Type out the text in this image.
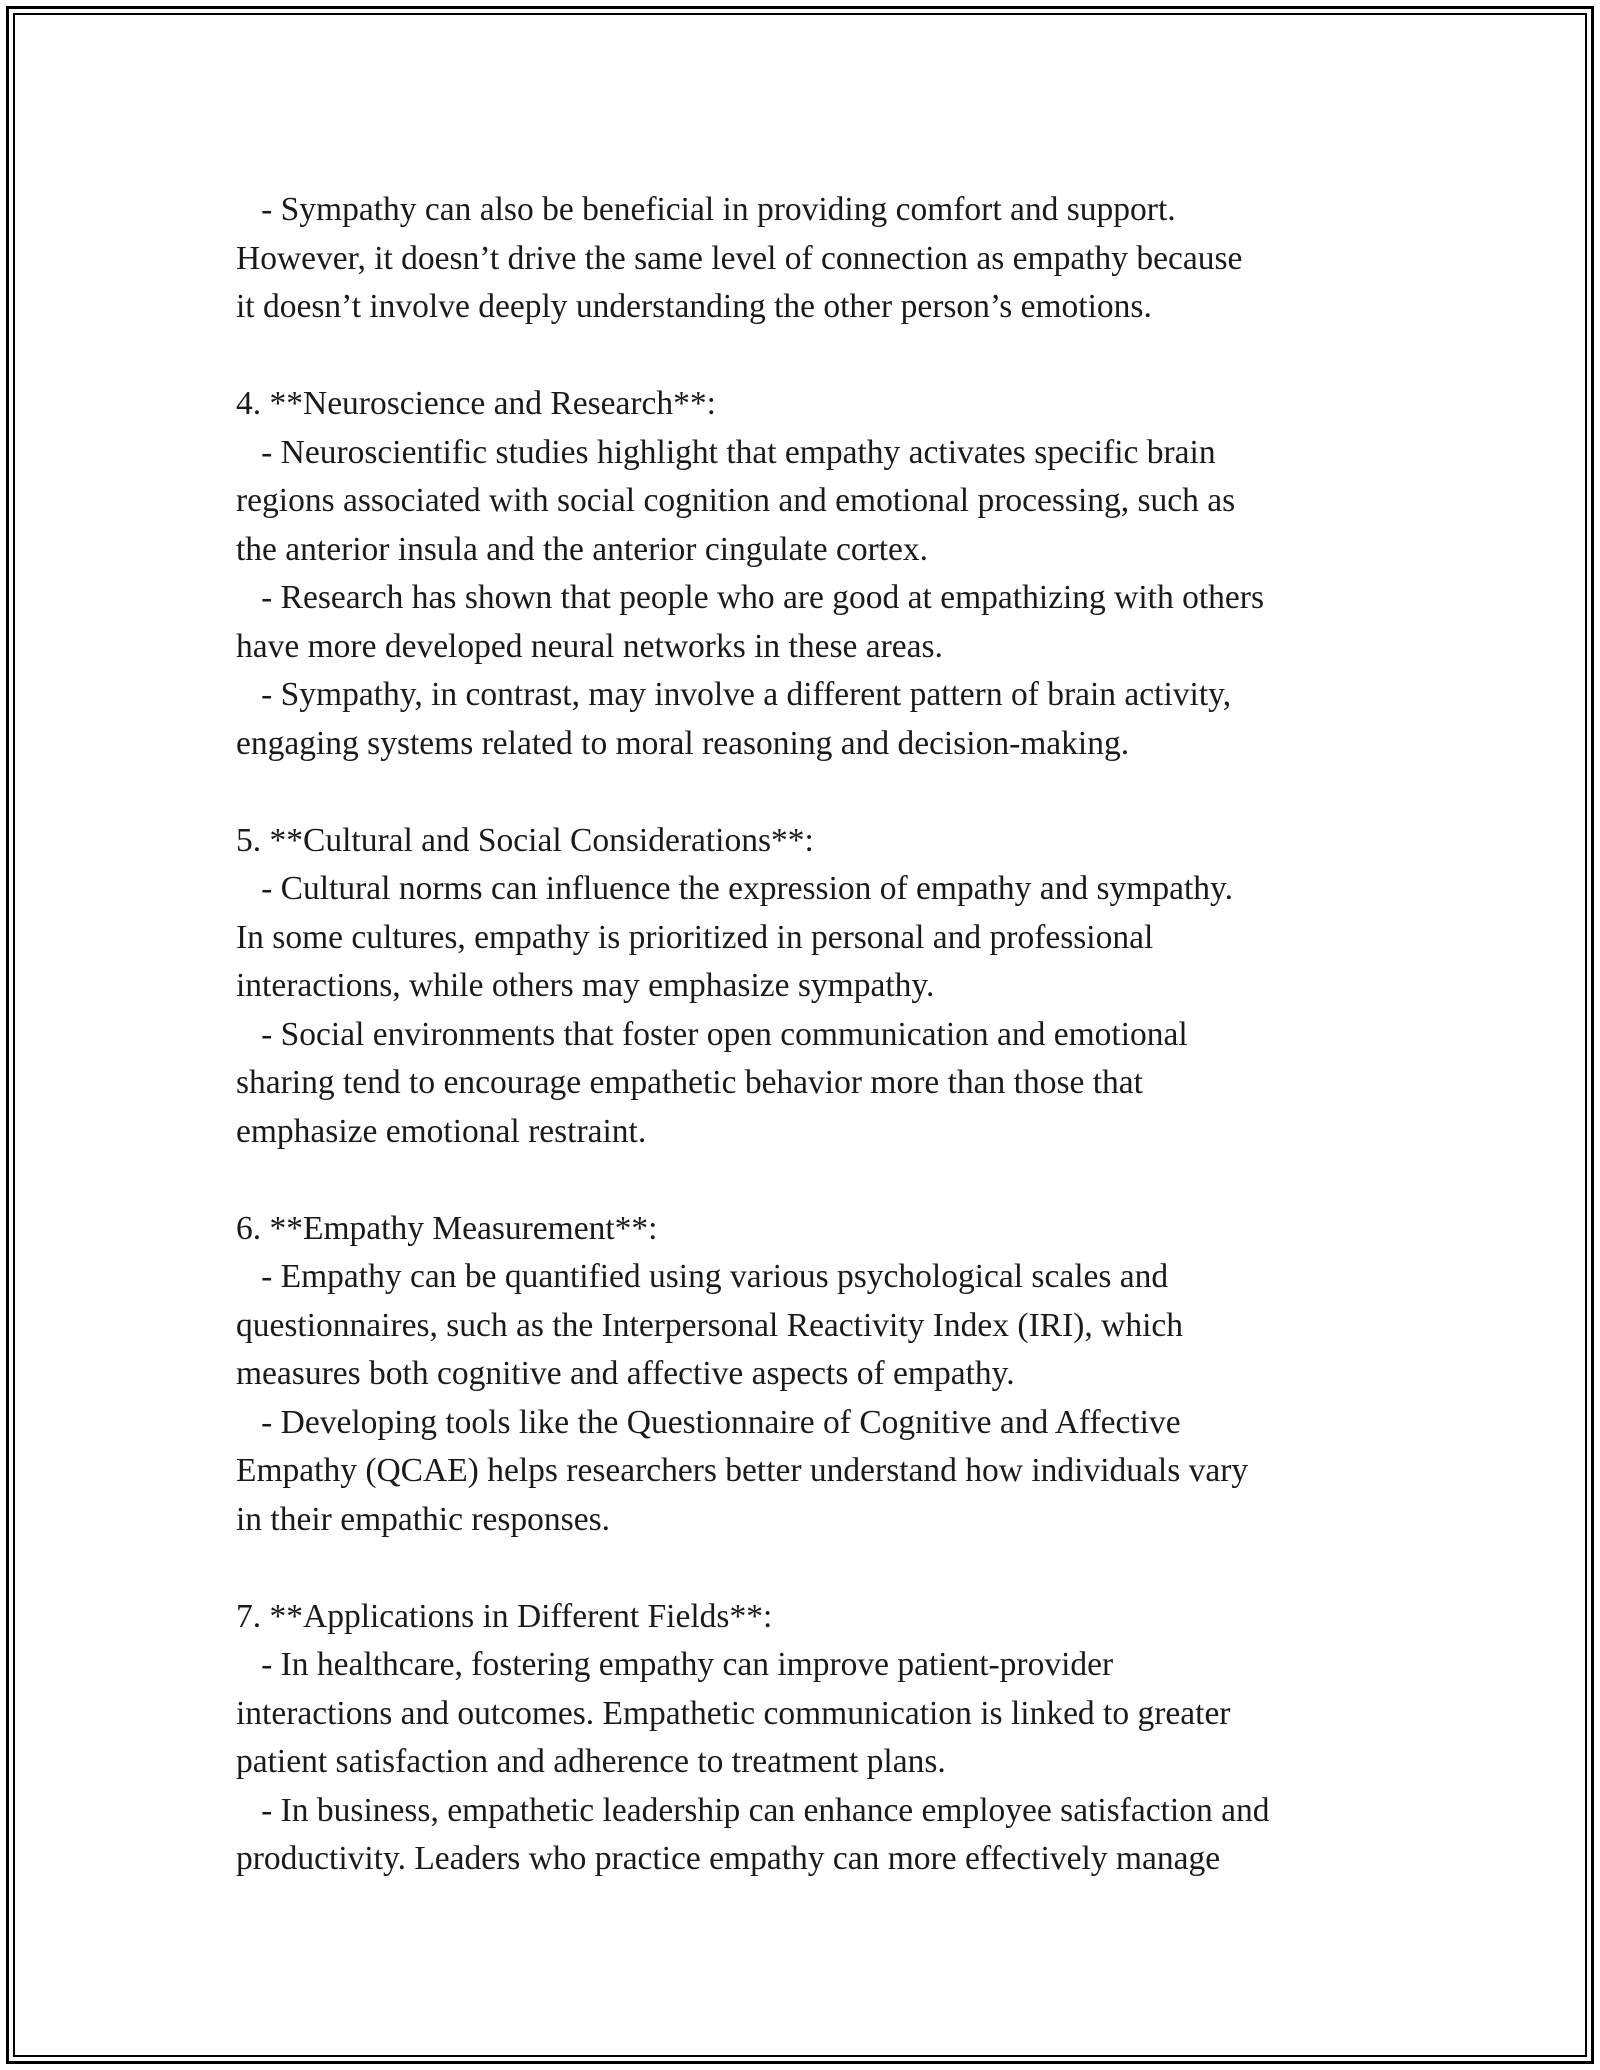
- Sympathy can also be beneficial in providing comfort and support.
However, it doesn’t drive the same level of connection as empathy because
it doesn’t involve deeply understanding the other person’s emotions.
4. **Neuroscience and Research**:
- Neuroscientific studies highlight that empathy activates specific brain
regions associated with social cognition and emotional processing, such as
the anterior insula and the anterior cingulate cortex.
- Research has shown that people who are good at empathizing with others
have more developed neural networks in these areas.
- Sympathy, in contrast, may involve a different pattern of brain activity,
engaging systems related to moral reasoning and decision-making.
5. **Cultural and Social Considerations**:
- Cultural norms can influence the expression of empathy and sympathy.
In some cultures, empathy is prioritized in personal and professional
interactions, while others may emphasize sympathy.
- Social environments that foster open communication and emotional
sharing tend to encourage empathetic behavior more than those that
emphasize emotional restraint.
6. **Empathy Measurement**:
- Empathy can be quantified using various psychological scales and
questionnaires, such as the Interpersonal Reactivity Index (IRI), which
measures both cognitive and affective aspects of empathy.
- Developing tools like the Questionnaire of Cognitive and Affective
Empathy (QCAE) helps researchers better understand how individuals vary
in their empathic responses.
7. **Applications in Different Fields**:
- In healthcare, fostering empathy can improve patient-provider
interactions and outcomes. Empathetic communication is linked to greater
patient satisfaction and adherence to treatment plans.
- In business, empathetic leadership can enhance employee satisfaction and
productivity. Leaders who practice empathy can more effectively manage
